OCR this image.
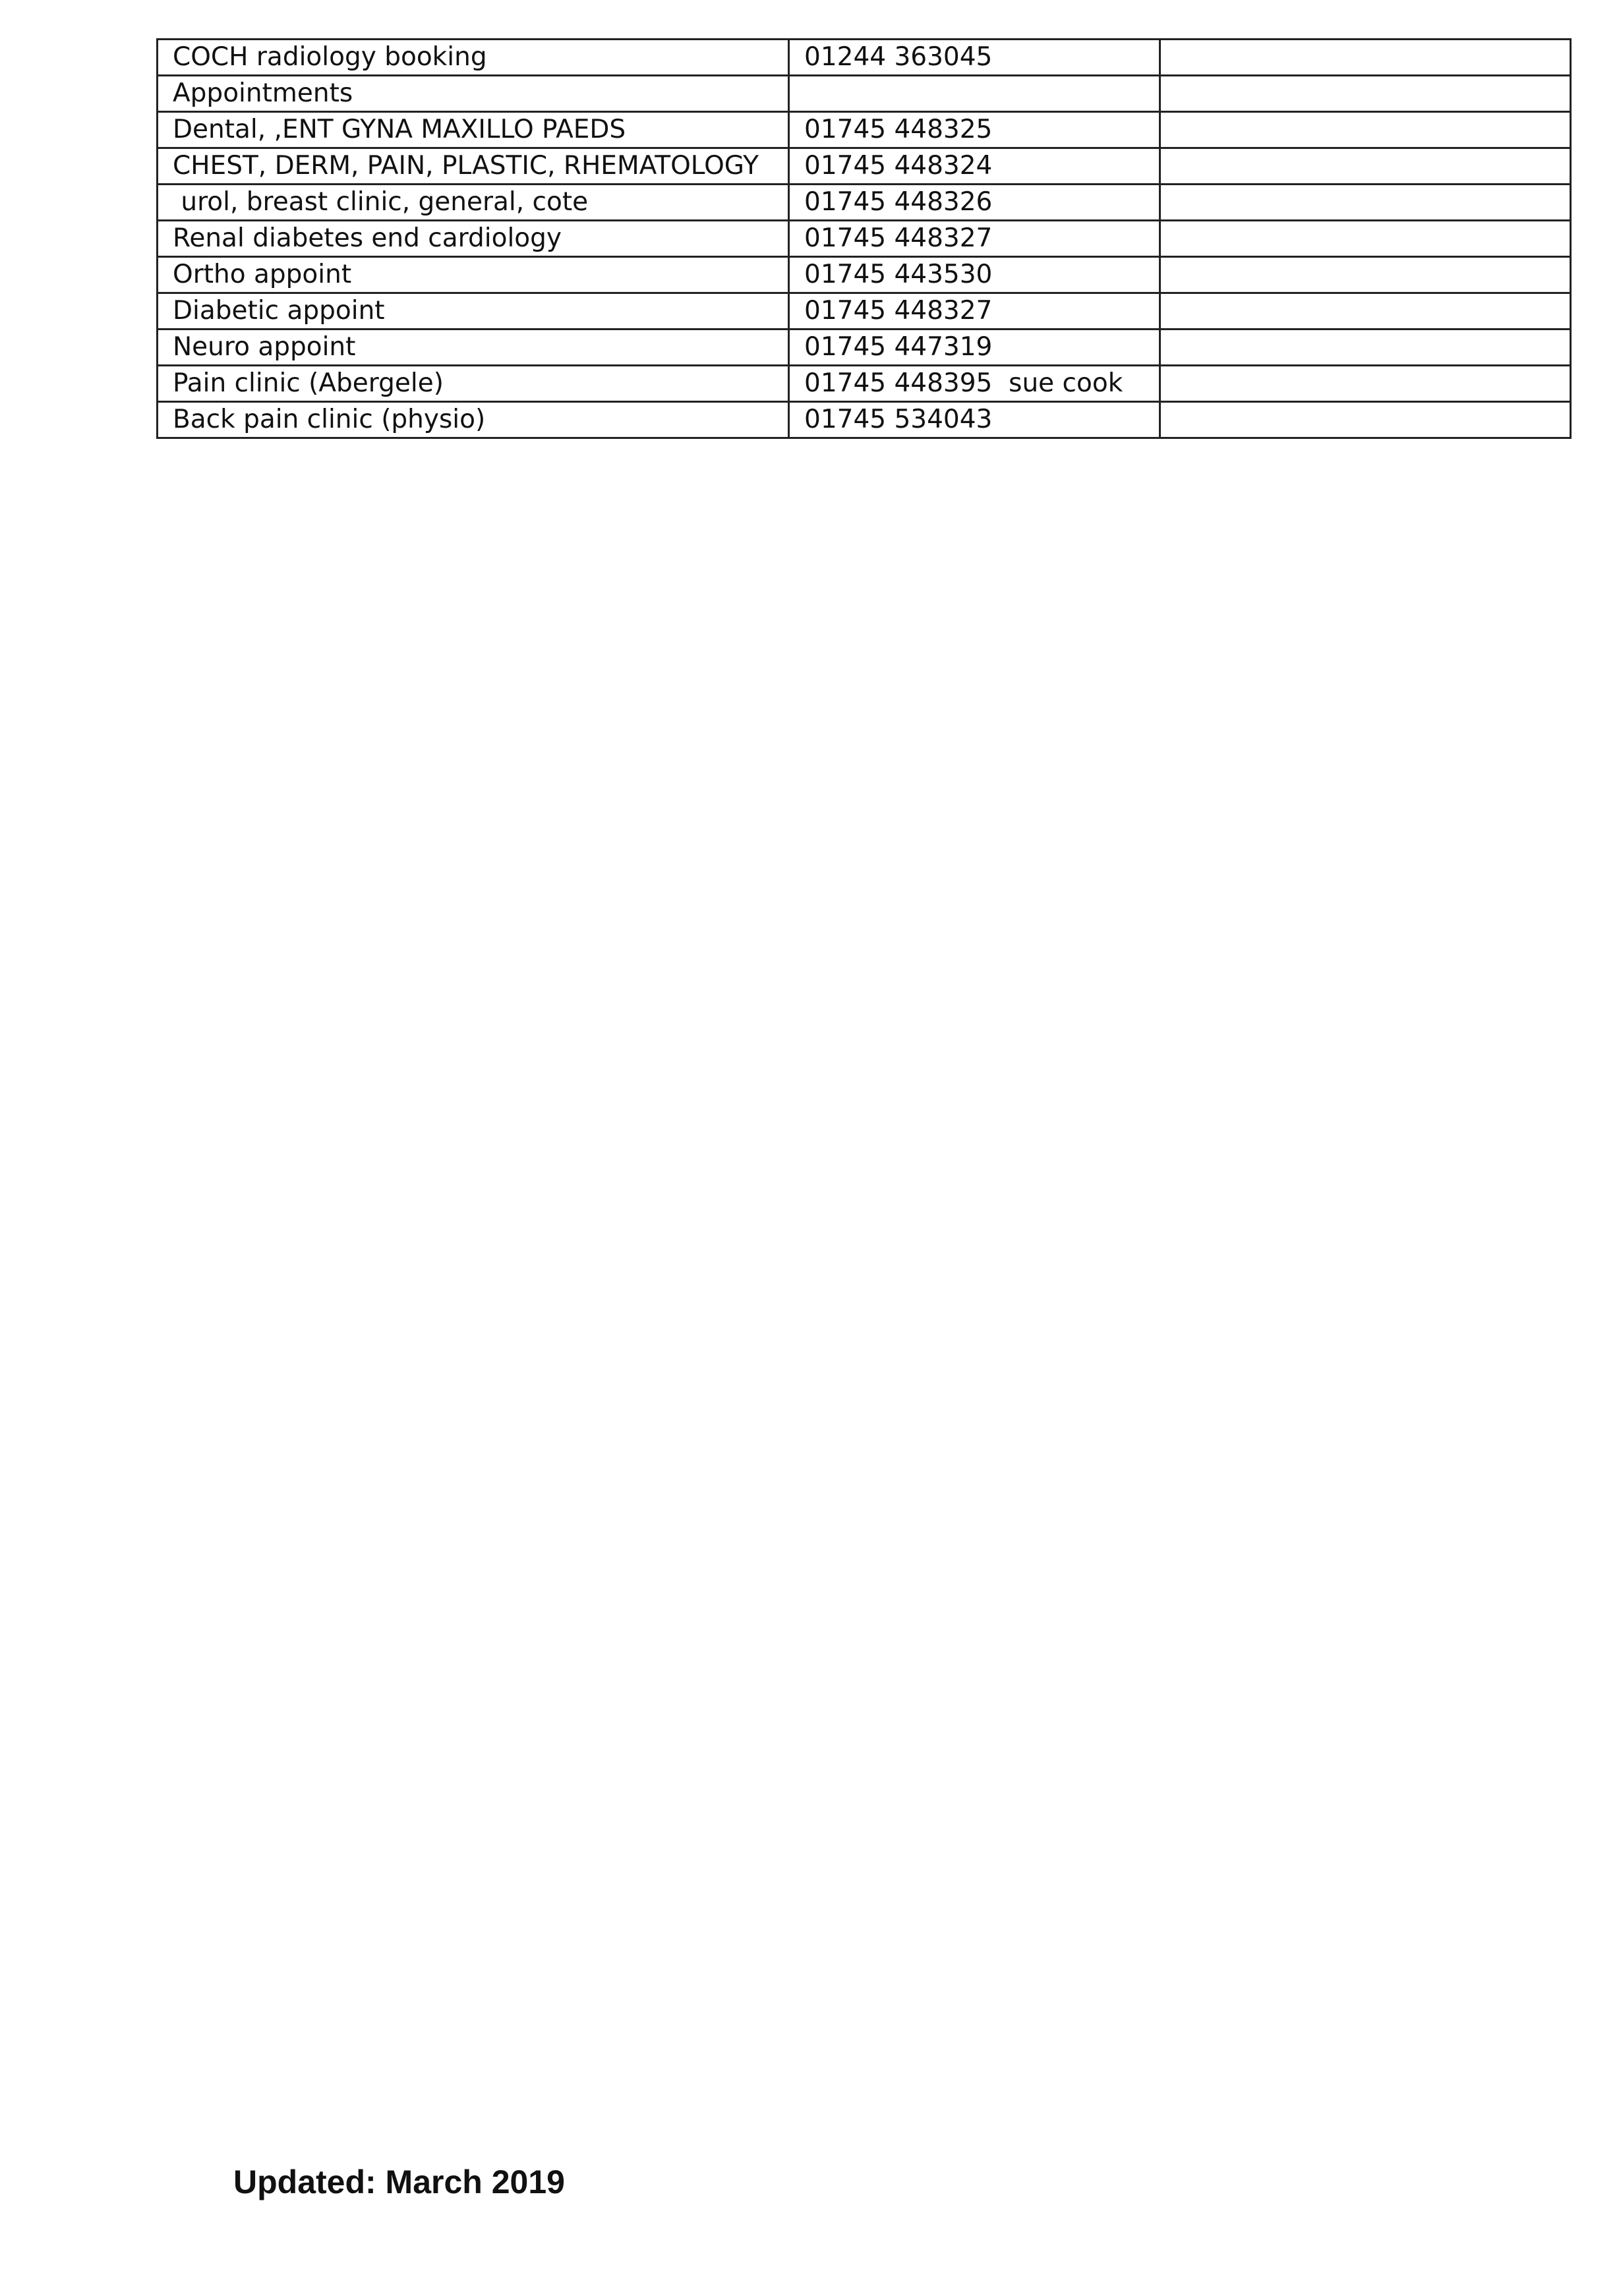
COCH radiology booking	01244 363045	
Appointments		
Dental, ,ENT GYNA MAXILLO PAEDS	01745 448325	
CHEST, DERM, PAIN, PLASTIC, RHEMATOLOGY	01745 448324	
urol, breast clinic, general, cote	01745 448326	
Renal diabetes end cardiology	01745 448327	
Ortho appoint	01745 443530	
Diabetic appoint	01745 448327	
Neuro appoint	01745 447319	
Pain clinic (Abergele)	01745 448395  sue cook	
Back pain clinic (physio)	01745 534043	
Updated: March 2019
